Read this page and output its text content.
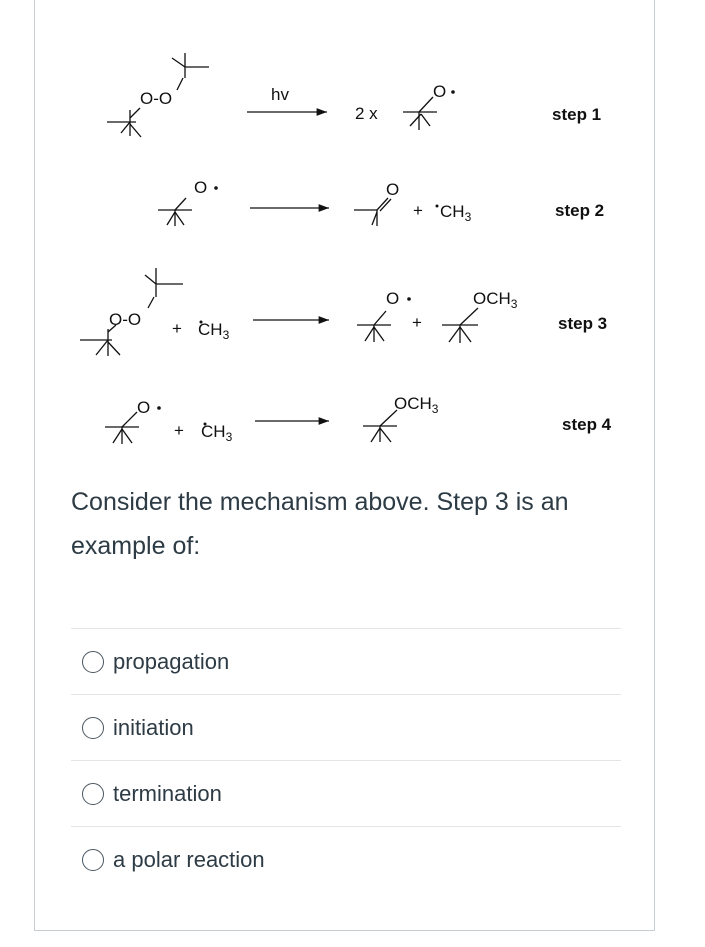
O-O	hv
2 x
O
step 1
O	O
+ $CH_3$	step 2
$O-O + CH_3$
O
+
$OCH_3$
step 3
O
+ $CH_3$
$OCH_3$
step 4

Consider the mechanism above. Step 3 is an example of:

propagation
initiation
termination
a polar reaction
